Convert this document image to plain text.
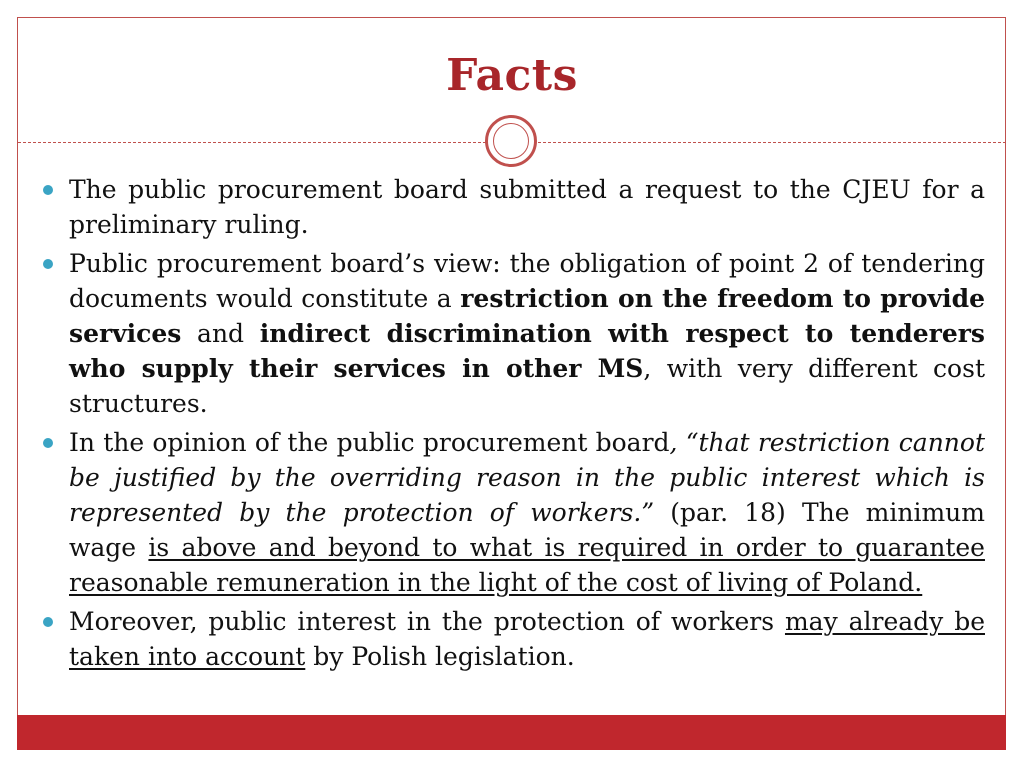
Facts
The public procurement board submitted a request to the CJEU for a preliminary ruling.
Public procurement board’s view: the obligation of point 2 of tendering documents would constitute a restriction on the freedom to provide services and indirect discrimination with respect to tenderers who supply their services in other MS, with very different cost structures.
In the opinion of the public procurement board, “that restriction cannot be justified by the overriding reason in the public interest which is represented by the protection of workers.” (par. 18) The minimum wage is above and beyond to what is required in order to guarantee reasonable remuneration in the light of the cost of living of Poland.
Moreover, public interest in the protection of workers may already be taken into account by Polish legislation.
